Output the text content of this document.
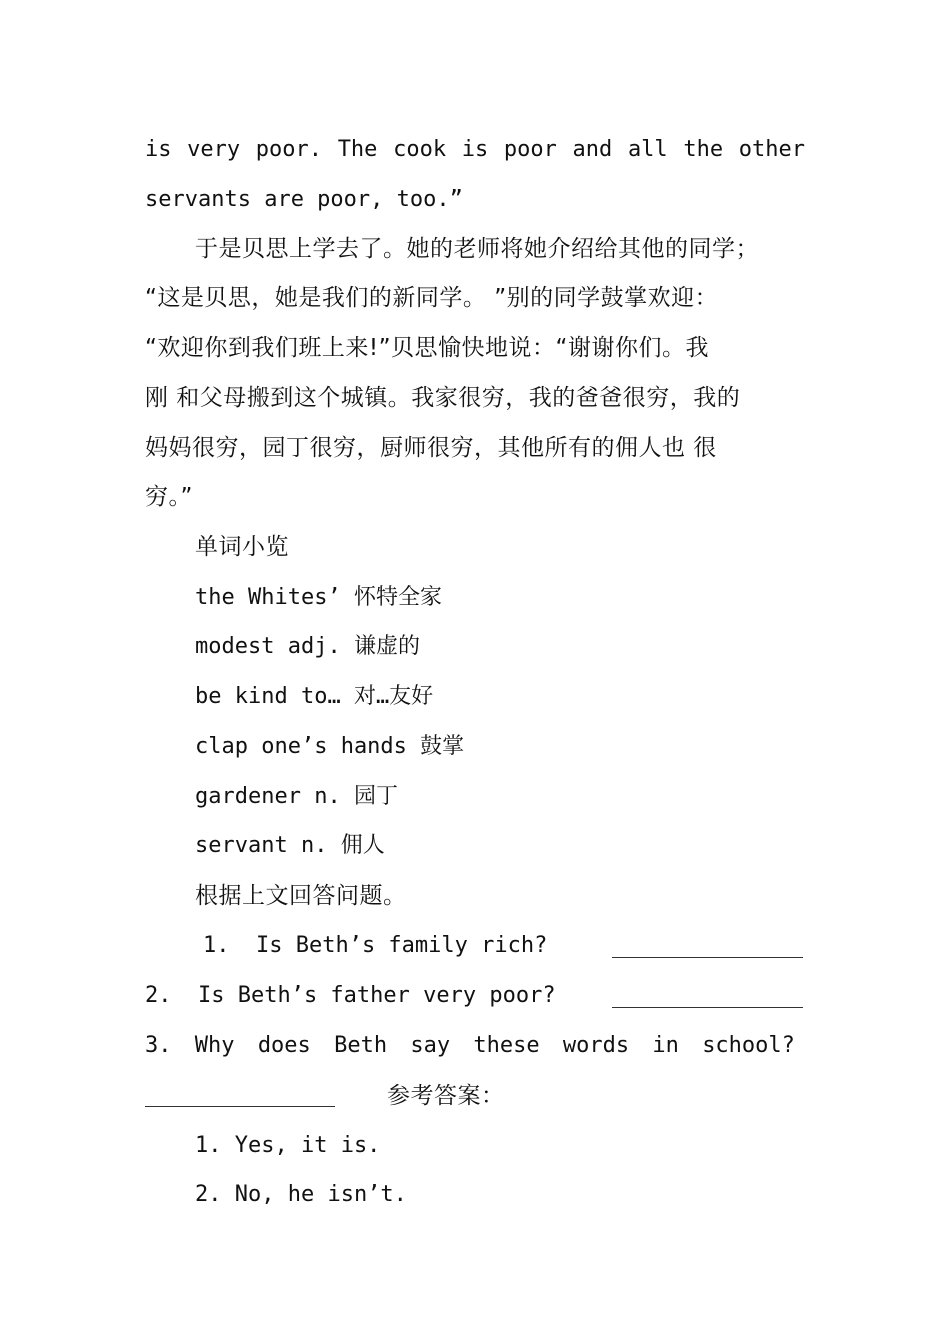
is very poor. The cook is poor and all the other
servants are poor, too.”
于是贝思上学去了。她的老师将她介绍给其他的同学；
“这是贝思，她是我们的新同学。 ”别的同学鼓掌欢迎：
“欢迎你到我们班上来!”贝思愉快地说：“谢谢你们。我
刚 和父母搬到这个城镇。我家很穷，我的爸爸很穷，我的
妈妈很穷，园丁很穷，厨师很穷，其他所有的佣人也 很
穷。”
单词小览
the Whites’ 怀特全家
modest adj. 谦虚的
be kind to… 对…友好
clap one’s hands 鼓掌
gardener n. 园丁
servant n. 佣人
根据上文回答问题。
1.  Is Beth’s family rich?
2.  Is Beth’s father very poor?
3. Why does Beth say these words in school?
参考答案：
1. Yes, it is.
2. No, he isn’t.
